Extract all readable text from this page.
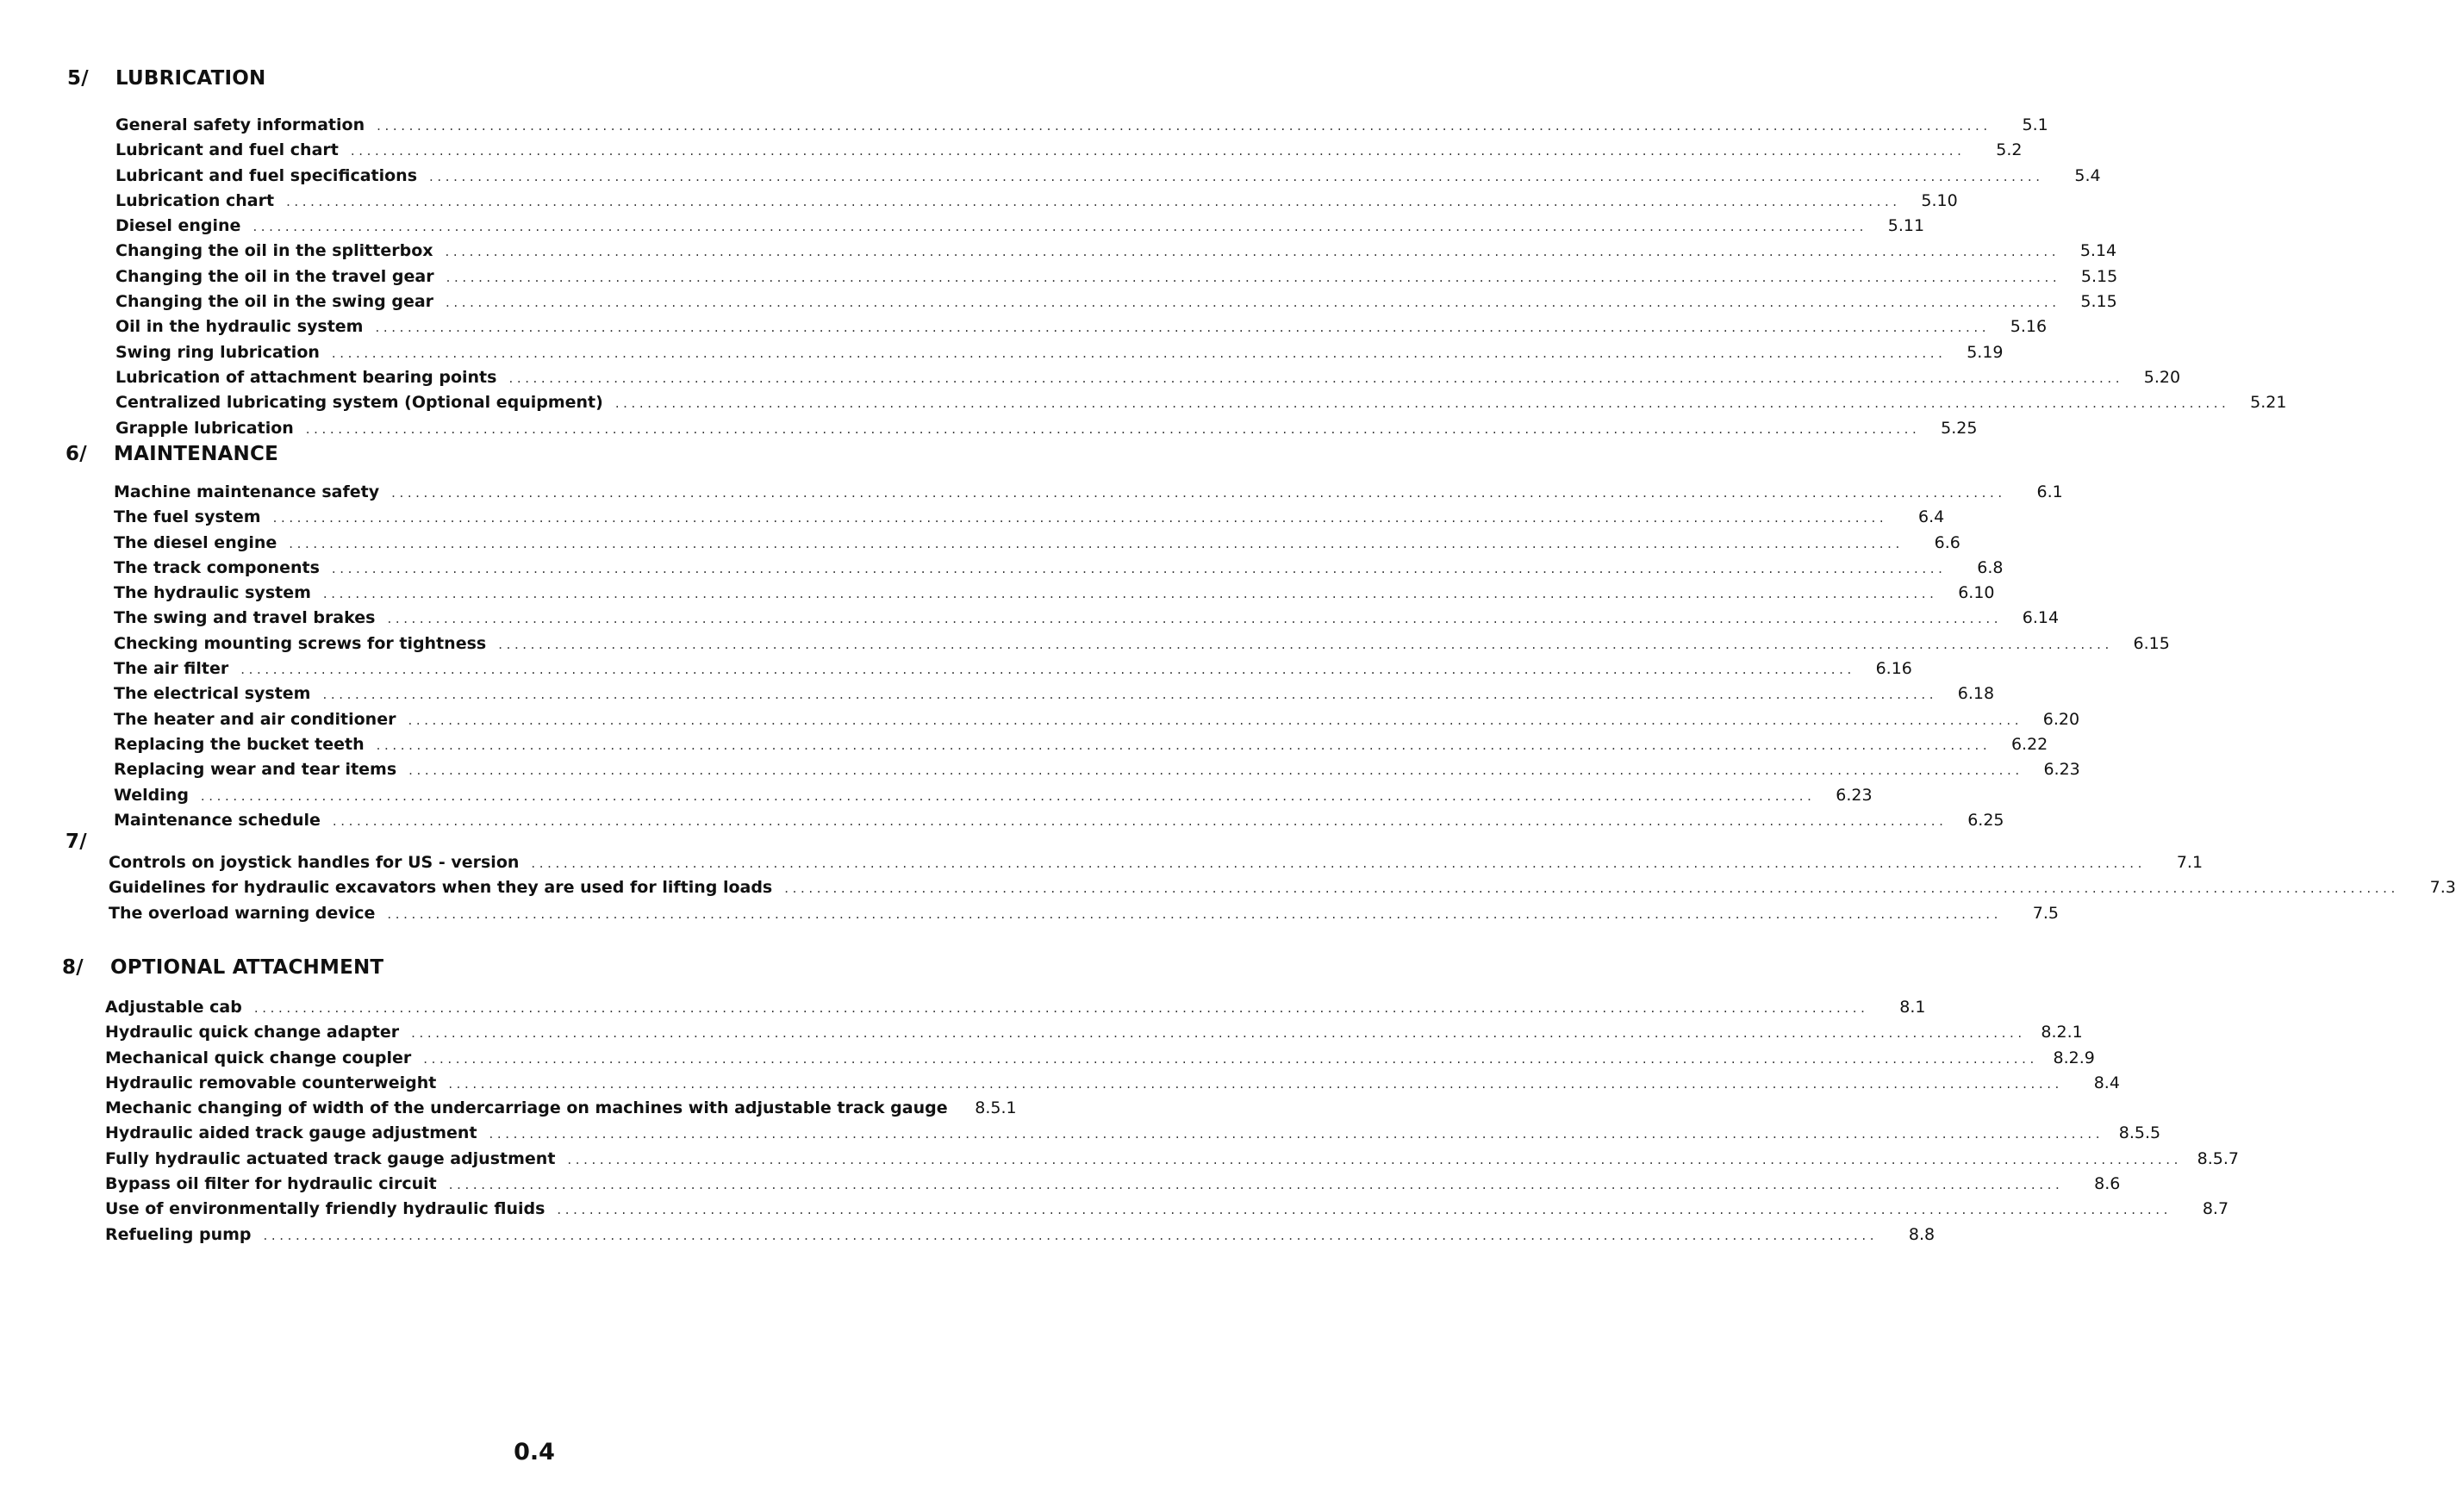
5/ LUBRICATION
General safety information ........................................................................................................................................................................................................	5.1
Lubricant and fuel chart ........................................................................................................................................................................................................	5.2
Lubricant and fuel specifications ........................................................................................................................................................................................................	5.4
Lubrication chart ........................................................................................................................................................................................................	5.10
Diesel engine ........................................................................................................................................................................................................	5.11
Changing the oil in the splitterbox ........................................................................................................................................................................................................	5.14
Changing the oil in the travel gear ........................................................................................................................................................................................................	5.15
Changing the oil in the swing gear ........................................................................................................................................................................................................	5.15
Oil in the hydraulic system ........................................................................................................................................................................................................	5.16
Swing ring lubrication ........................................................................................................................................................................................................	5.19
Lubrication of attachment bearing points ........................................................................................................................................................................................................	5.20
Centralized lubricating system (Optional equipment) ........................................................................................................................................................................................................	5.21
Grapple lubrication ........................................................................................................................................................................................................	5.25
6/ MAINTENANCE
Machine maintenance safety ........................................................................................................................................................................................................	6.1
The fuel system ........................................................................................................................................................................................................	6.4
The diesel engine ........................................................................................................................................................................................................	6.6
The track components ........................................................................................................................................................................................................	6.8
The hydraulic system ........................................................................................................................................................................................................	6.10
The swing and travel brakes ........................................................................................................................................................................................................	6.14
Checking mounting screws for tightness ........................................................................................................................................................................................................	6.15
The air filter ........................................................................................................................................................................................................	6.16
The electrical system ........................................................................................................................................................................................................	6.18
The heater and air conditioner ........................................................................................................................................................................................................	6.20
Replacing the bucket teeth ........................................................................................................................................................................................................	6.22
Replacing wear and tear items ........................................................................................................................................................................................................	6.23
Welding ........................................................................................................................................................................................................	6.23
Maintenance schedule ........................................................................................................................................................................................................	6.25
7/
Controls on joystick handles for US - version ........................................................................................................................................................................................................	7.1
Guidelines for hydraulic excavators when they are used for lifting loads ........................................................................................................................................................................................................	7.3
The overload warning device ........................................................................................................................................................................................................	7.5
8/ OPTIONAL ATTACHMENT
Adjustable cab ........................................................................................................................................................................................................	8.1
Hydraulic quick change adapter ........................................................................................................................................................................................................ 8.2.1
Mechanical quick change coupler ........................................................................................................................................................................................................ 8.2.9
Hydraulic removable counterweight ........................................................................................................................................................................................................	8.4
Mechanic changing of width of the undercarriage on machines with adjustable track gauge 8.5.1
Hydraulic aided track gauge adjustment ........................................................................................................................................................................................................ 8.5.5
Fully hydraulic actuated track gauge adjustment ........................................................................................................................................................................................................ 8.5.7
Bypass oil filter for hydraulic circuit ........................................................................................................................................................................................................	8.6
Use of environmentally friendly hydraulic fluids ........................................................................................................................................................................................................	8.7
Refueling pump ........................................................................................................................................................................................................	8.8
0.4
